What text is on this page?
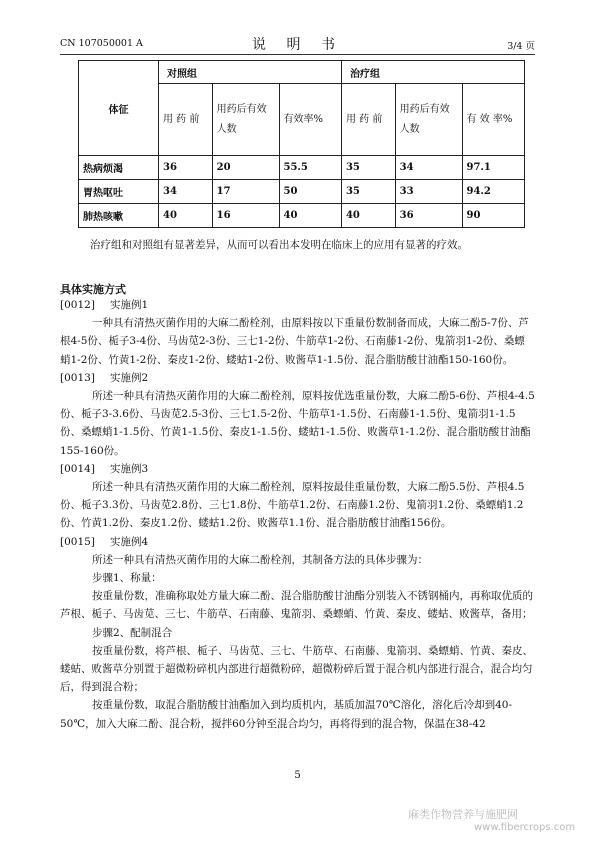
CN 107050001 A	说 明 书	3/4 页
体征	对照组			治疗组		
	用 药 前	用药后有效人数	有效率%	用 药 前	用药后有效人数	有 效 率%
热病烦渴	36	20	55.5	35	34	97.1
胃热呕吐	34	17	50	35	33	94.2
肺热咳嗽	40	16	40	40	36	90
治疗组和对照组有显著差异，从而可以看出本发明在临床上的应用有显著的疗效。
具体实施方式

[0012] 实施例1

一种具有清热灭菌作用的大麻二酚栓剂，由原料按以下重量份数制备而成，大麻二酚5-7份、芦根4-5份、栀子3-4份、马齿苋2-3份、三七1-2份、牛筋草1-2份、石南藤1-2份、鬼箭羽1-2份、桑螵蛸1-2份、竹黄1-2份、秦皮1-2份、蝼蛄1-2份、败酱草1-1.5份、混合脂肪酸甘油酯150-160份。

[0013] 实施例2

所述一种具有清热灭菌作用的大麻二酚栓剂，原料按优选重量份数，大麻二酚5-6份、芦根4-4.5份、栀子3-3.6份、马齿苋2.5-3份、三七1.5-2份、牛筋草1-1.5份、石南藤1-1.5份、鬼箭羽1-1.5份、桑螵蛸1-1.5份、竹黄1-1.5份、秦皮1-1.5份、蝼蛄1-1.5份、败酱草1-1.2份、混合脂肪酸甘油酯155-160份。

[0014] 实施例3

所述一种具有清热灭菌作用的大麻二酚栓剂，原料按最佳重量份数，大麻二酚5.5份、芦根4.5份、栀子3.3份、马齿苋2.8份、三七1.8份、牛筋草1.2份、石南藤1.2份、鬼箭羽1.2份、桑螵蛸1.2份、竹黄1.2份、秦皮1.2份、蝼蛄1.2份、败酱草1.1份、混合脂肪酸甘油酯156份。

[0015] 实施例4

所述一种具有清热灭菌作用的大麻二酚栓剂，其制备方法的具体步骤为：

步骤1、称量：

按重量份数，准确称取处方量大麻二酚、混合脂肪酸甘油酯分别装入不锈钢桶内，再称取优质的芦根、栀子、马齿苋、三七、牛筋草、石南藤、鬼箭羽、桑螵蛸、竹黄、秦皮、蝼蛄、败酱草，备用；

步骤2、配制混合

按重量份数，将芦根、栀子、马齿苋、三七、牛筋草、石南藤、鬼箭羽、桑螵蛸、竹黄、秦皮、蝼蛄、败酱草分别置于超微粉碎机内部进行超微粉碎，超微粉碎后置于混合机内部进行混合，混合均匀后，得到混合粉；

按重量份数，取混合脂肪酸甘油酯加入到均质机内，基质加温70℃溶化，溶化后冷却到40-50℃，加入大麻二酚、混合粉，搅拌60分钟至混合均匀，再将得到的混合物，保温在38-42

5
麻类作物营养与施肥网
www.fibercrops.com
